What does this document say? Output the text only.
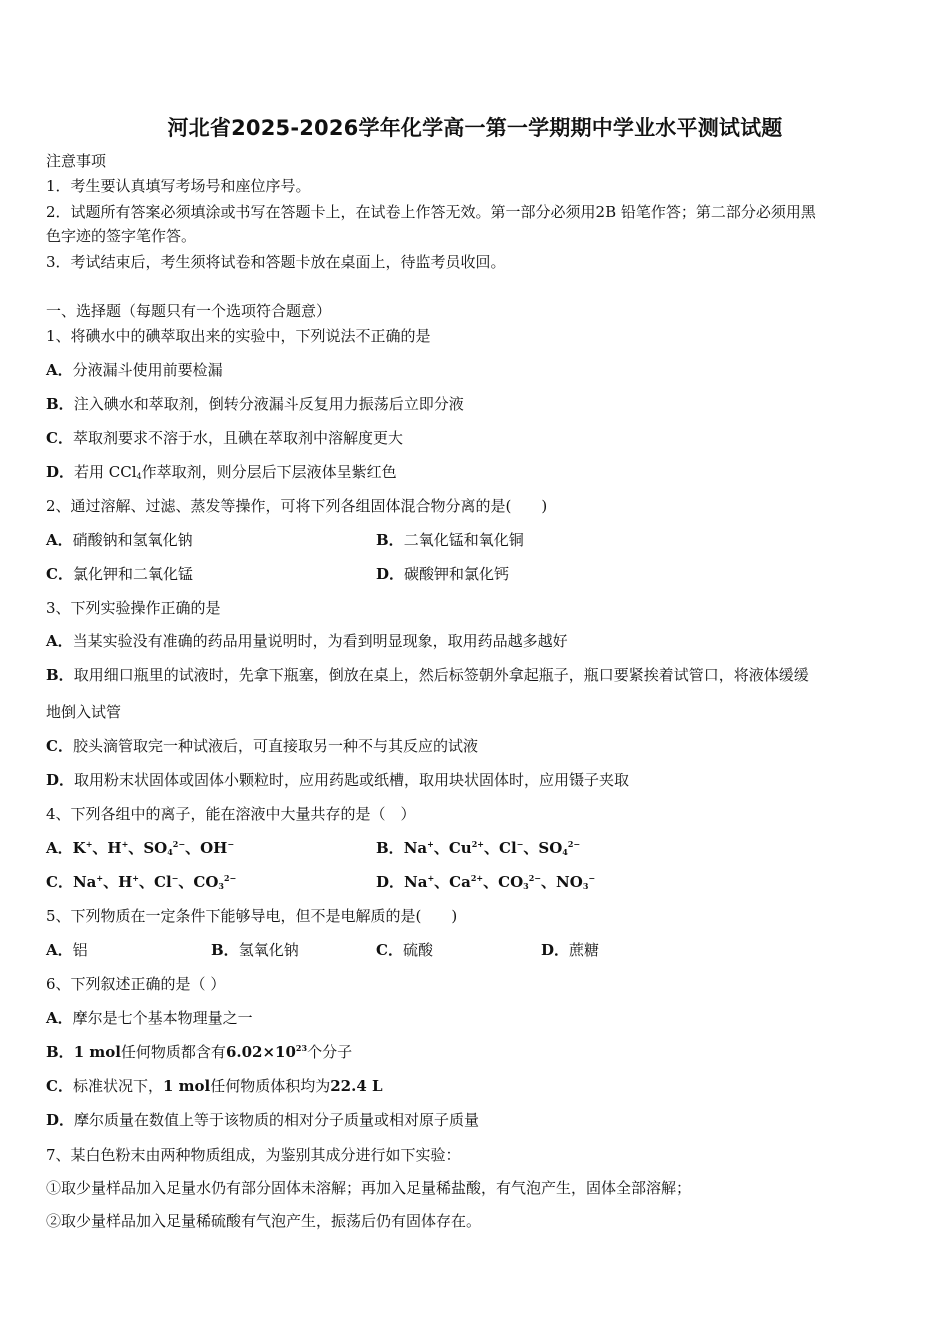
河北省2025-2026学年化学高一第一学期期中学业水平测试试题
注意事项
1．考生要认真填写考场号和座位序号。
2．试题所有答案必须填涂或书写在答题卡上，在试卷上作答无效。第一部分必须用2B 铅笔作答；第二部分必须用黑
色字迹的签字笔作答。
3．考试结束后，考生须将试卷和答题卡放在桌面上，待监考员收回。
一、选择题（每题只有一个选项符合题意）
1、将碘水中的碘萃取出来的实验中，下列说法不正确的是
A．分液漏斗使用前要检漏
B．注入碘水和萃取剂，倒转分液漏斗反复用力振荡后立即分液
C．萃取剂要求不溶于水，且碘在萃取剂中溶解度更大
D．若用 CCl$_4$作萃取剂，则分层后下层液体呈紫红色
2、通过溶解、过滤、蒸发等操作，可将下列各组固体混合物分离的是(　　)
A．硝酸钠和氢氧化钠	B．二氧化锰和氧化铜
C．氯化钾和二氧化锰	D．碳酸钾和氯化钙
3、下列实验操作正确的是
A．当某实验没有准确的药品用量说明时，为看到明显现象，取用药品越多越好
B．取用细口瓶里的试液时，先拿下瓶塞，倒放在桌上，然后标签朝外拿起瓶子，瓶口要紧挨着试管口，将液体缓缓
地倒入试管
C．胶头滴管取完一种试液后，可直接取另一种不与其反应的试液
D．取用粉末状固体或固体小颗粒时，应用药匙或纸槽，取用块状固体时，应用镊子夹取
4、下列各组中的离子，能在溶液中大量共存的是（　）
A．K+、H+、$SO_4^{2-}$、OH−	B．Na+、$Cu^{2+}$、Cl−、$SO_4^{2-}$
C．Na+、H+、Cl−、$CO_3^{2-}$	D．Na+、$Ca^{2+}$、$CO_3^{2-}$、$NO_3^-$
5、下列物质在一定条件下能够导电，但不是电解质的是(　　)
A．铝	B．氢氧化钠	C．硫酸	D．蔗糖
6、下列叙述正确的是（ ）
A．摩尔是七个基本物理量之一
B．1 mol任何物质都含有$6.02\times 10^{23}$个分子
C．标准状况下，1 mol任何物质体积均为22.4 L
D．摩尔质量在数值上等于该物质的相对分子质量或相对原子质量
7、某白色粉末由两种物质组成，为鉴别其成分进行如下实验：
①取少量样品加入足量水仍有部分固体未溶解；再加入足量稀盐酸，有气泡产生，固体全部溶解；
②取少量样品加入足量稀硫酸有气泡产生，振荡后仍有固体存在。
